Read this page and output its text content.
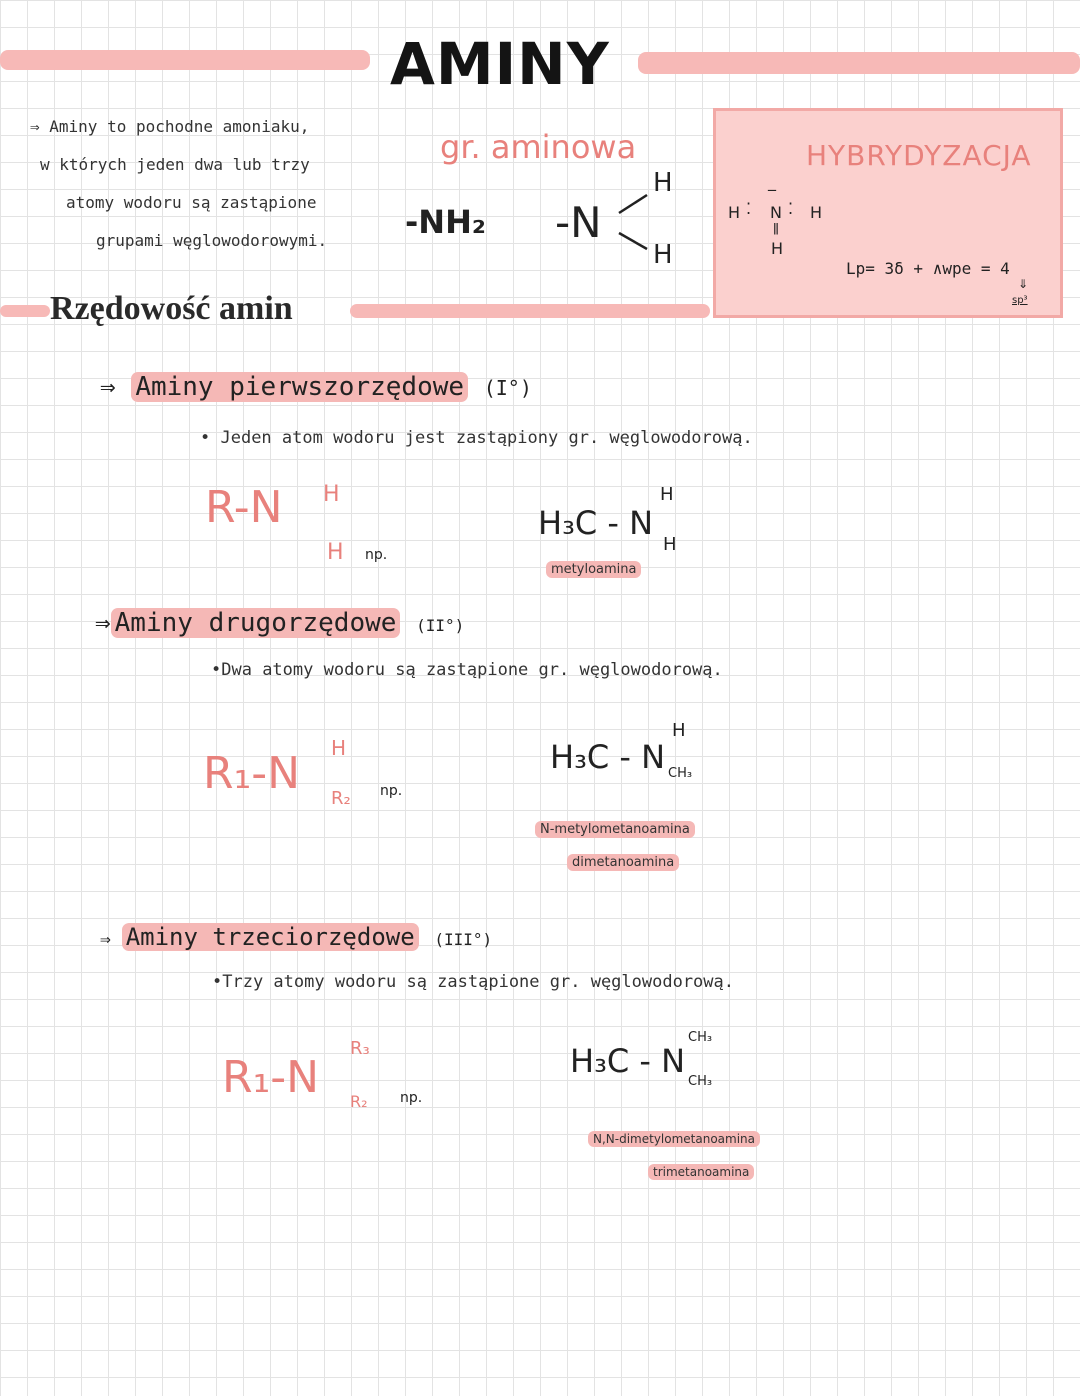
AMINY
⇒ Aminy to pochodne amoniaku,
w których jeden dwa lub trzy
atomy wodoru są zastąpione
grupami węglowodorowymi.
gr. aminowa
-NH₂ -N
H
H
HYBRYDYZACJA
H ⁚ N
‾
⁚ H
ǁ
H
Lp= 3δ + ∧wpe = 4
⇓
sp³
Rzędowość amin
⇒ Aminy pierwszorzędowe (I°)
• Jeden atom wodoru jest zastąpiony gr. węglowodorową.
R-N H
H np.
H₃C - N
H
H
metyloamina
⇒ Aminy drugorzędowe (II°)
•Dwa atomy wodoru są zastąpione gr. węglowodorową.
R₁-N H
R₂ np.
H₃C - N
H
CH₃
N-metylometanoamina
dimetanoamina
⇒ Aminy trzeciorzędowe (III°)
•Trzy atomy wodoru są zastąpione gr. węglowodorową.
R₁-N
R₃
R₂ np.
H₃C - N
CH₃
CH₃
N,N-dimetylometanoamina
trimetanoamina
